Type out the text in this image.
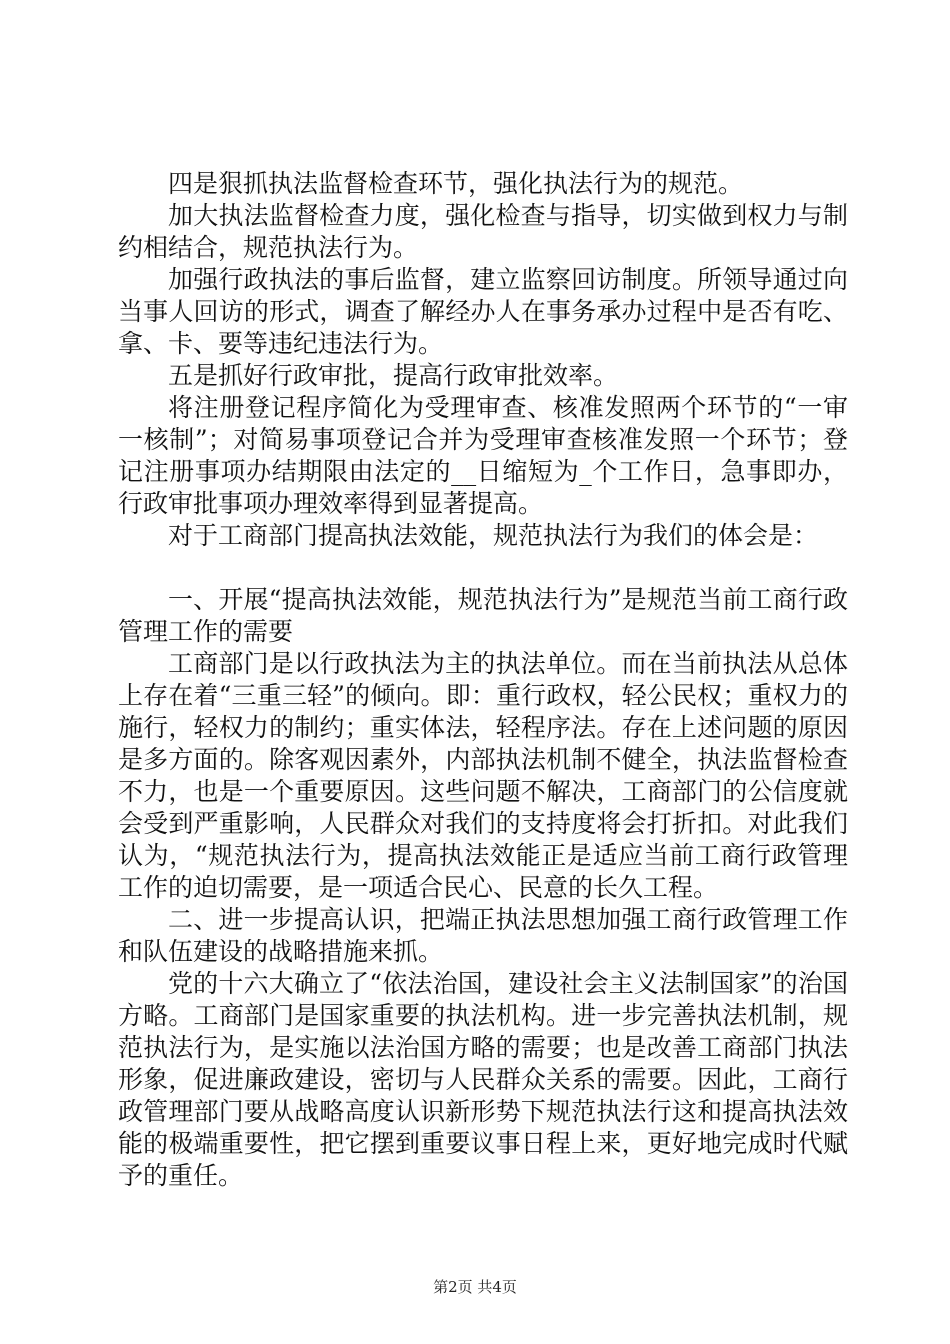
四是狠抓执法监督检查环节，强化执法行为的规范。

加大执法监督检查力度，强化检查与指导，切实做到权力与制约相结合，规范执法行为。

加强行政执法的事后监督，建立监察回访制度。所领导通过向当事人回访的形式，调查了解经办人在事务承办过程中是否有吃、拿、卡、要等违纪违法行为。

五是抓好行政审批，提高行政审批效率。

将注册登记程序简化为受理审查、核准发照两个环节的“一审一核制”；对简易事项登记合并为受理审查核准发照一个环节；登记注册事项办结期限由法定的__日缩短为_个工作日，急事即办，行政审批事项办理效率得到显著提高。

对于工商部门提高执法效能，规范执法行为我们的体会是：

一、开展“提高执法效能，规范执法行为”是规范当前工商行政管理工作的需要

工商部门是以行政执法为主的执法单位。而在当前执法从总体上存在着“三重三轻”的倾向。即：重行政权，轻公民权；重权力的施行，轻权力的制约；重实体法，轻程序法。存在上述问题的原因是多方面的。除客观因素外，内部执法机制不健全，执法监督检查不力，也是一个重要原因。这些问题不解决，工商部门的公信度就会受到严重影响，人民群众对我们的支持度将会打折扣。对此我们认为，“规范执法行为，提高执法效能正是适应当前工商行政管理工作的迫切需要，是一项适合民心、民意的长久工程。

二、进一步提高认识，把端正执法思想加强工商行政管理工作和队伍建设的战略措施来抓。

党的十六大确立了“依法治国，建设社会主义法制国家”的治国方略。工商部门是国家重要的执法机构。进一步完善执法机制，规范执法行为，是实施以法治国方略的需要；也是改善工商部门执法形象，促进廉政建设，密切与人民群众关系的需要。因此，工商行政管理部门要从战略高度认识新形势下规范执法行这和提高执法效能的极端重要性，把它摆到重要议事日程上来，更好地完成时代赋予的重任。

第2页 共4页
